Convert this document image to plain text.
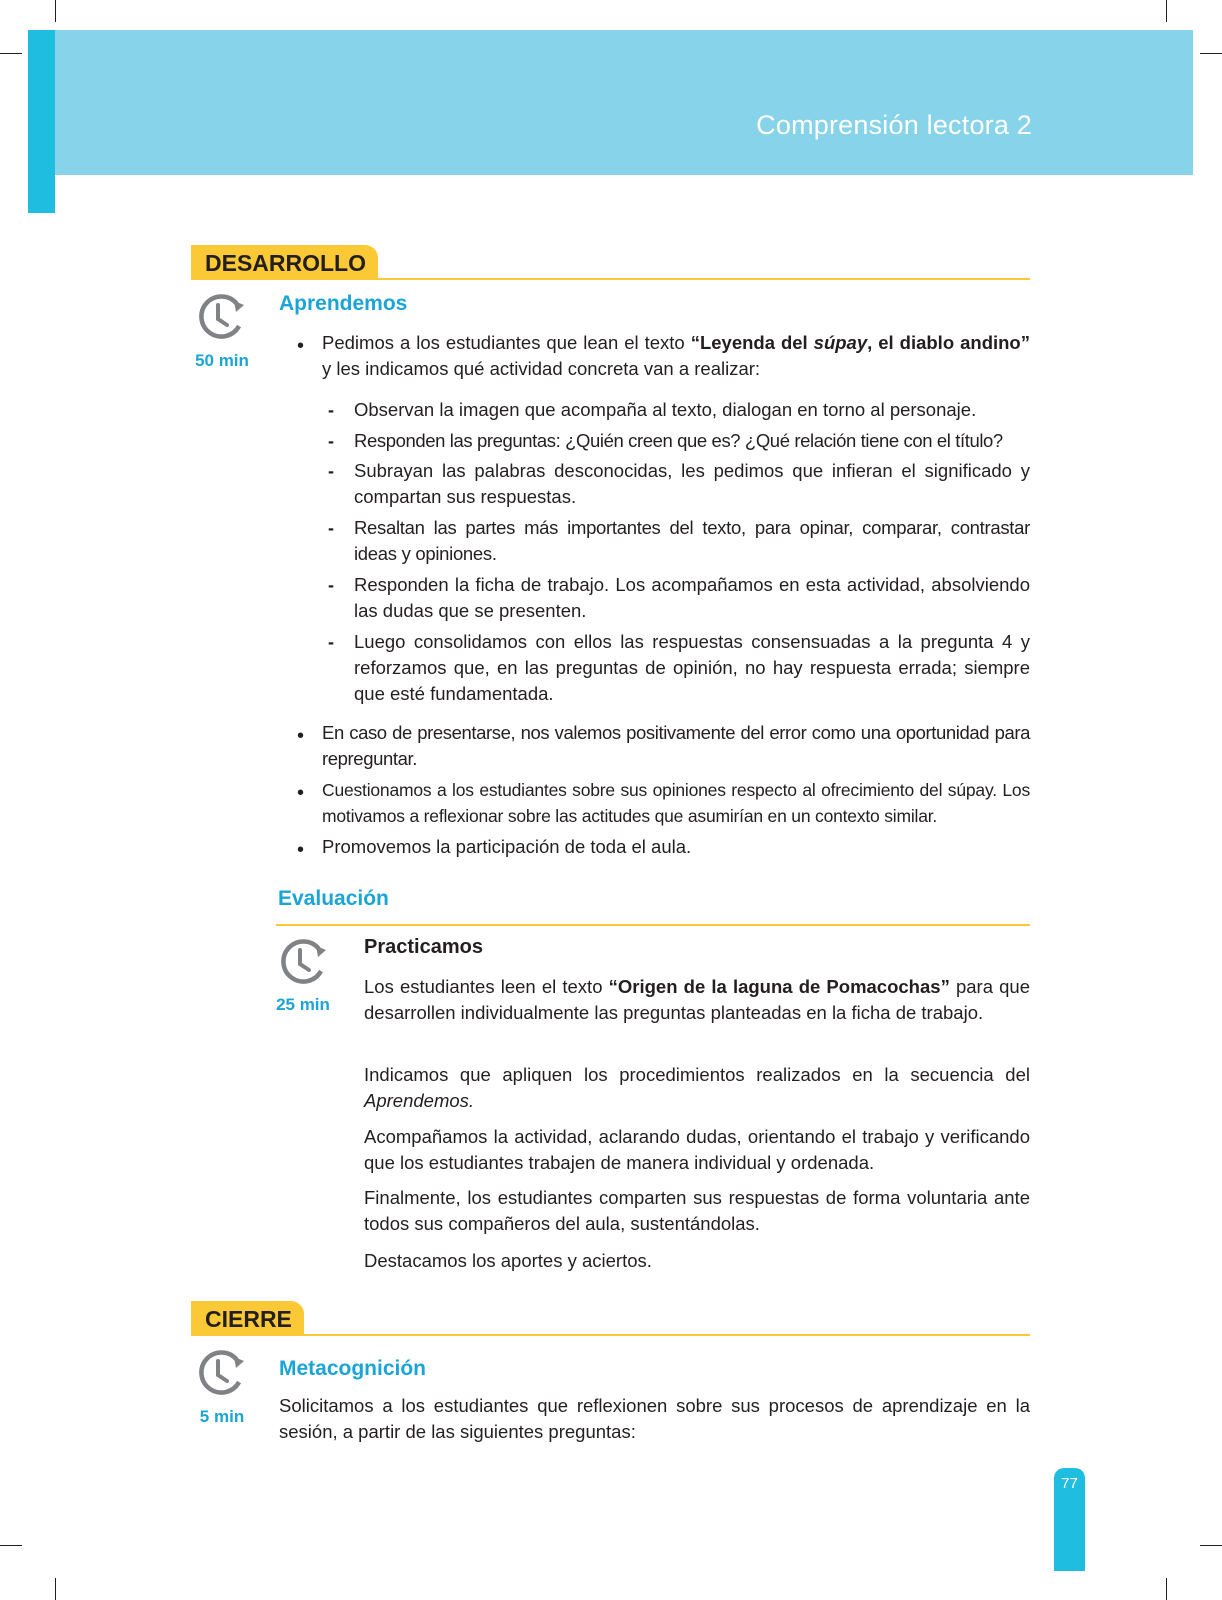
Comprensión lectora 2
DESARROLLO
50 min
Aprendemos
• Pedimos a los estudiantes que lean el texto “Leyenda del súpay, el diablo andino” y les indicamos qué actividad concreta van a realizar:
- Observan la imagen que acompaña al texto, dialogan en torno al personaje.
- Responden las preguntas: ¿Quién creen que es? ¿Qué relación tiene con el título?
- Subrayan las palabras desconocidas, les pedimos que infieran el significado y compartan sus respuestas.
- Resaltan las partes más importantes del texto, para opinar, comparar, contrastar ideas y opiniones.
- Responden la ficha de trabajo. Los acompañamos en esta actividad, absolviendo las dudas que se presenten.
- Luego consolidamos con ellos las respuestas consensuadas a la pregunta 4 y reforzamos que, en las preguntas de opinión, no hay respuesta errada; siempre que esté fundamentada.
• En caso de presentarse, nos valemos positivamente del error como una oportunidad para repreguntar.
• Cuestionamos a los estudiantes sobre sus opiniones respecto al ofrecimiento del súpay. Los motivamos a reflexionar sobre las actitudes que asumirían en un contexto similar.
• Promovemos la participación de toda el aula.
Evaluación
25 min
Practicamos
Los estudiantes leen el texto “Origen de la laguna de Pomacochas” para que desarrollen individualmente las preguntas planteadas en la ficha de trabajo.
Indicamos que apliquen los procedimientos realizados en la secuencia del Aprendemos.
Acompañamos la actividad, aclarando dudas, orientando el trabajo y verificando que los estudiantes trabajen de manera individual y ordenada.
Finalmente, los estudiantes comparten sus respuestas de forma voluntaria ante todos sus compañeros del aula, sustentándolas.
Destacamos los aportes y aciertos.
CIERRE
5 min
Metacognición
Solicitamos a los estudiantes que reflexionen sobre sus procesos de aprendizaje en la sesión, a partir de las siguientes preguntas:
77
